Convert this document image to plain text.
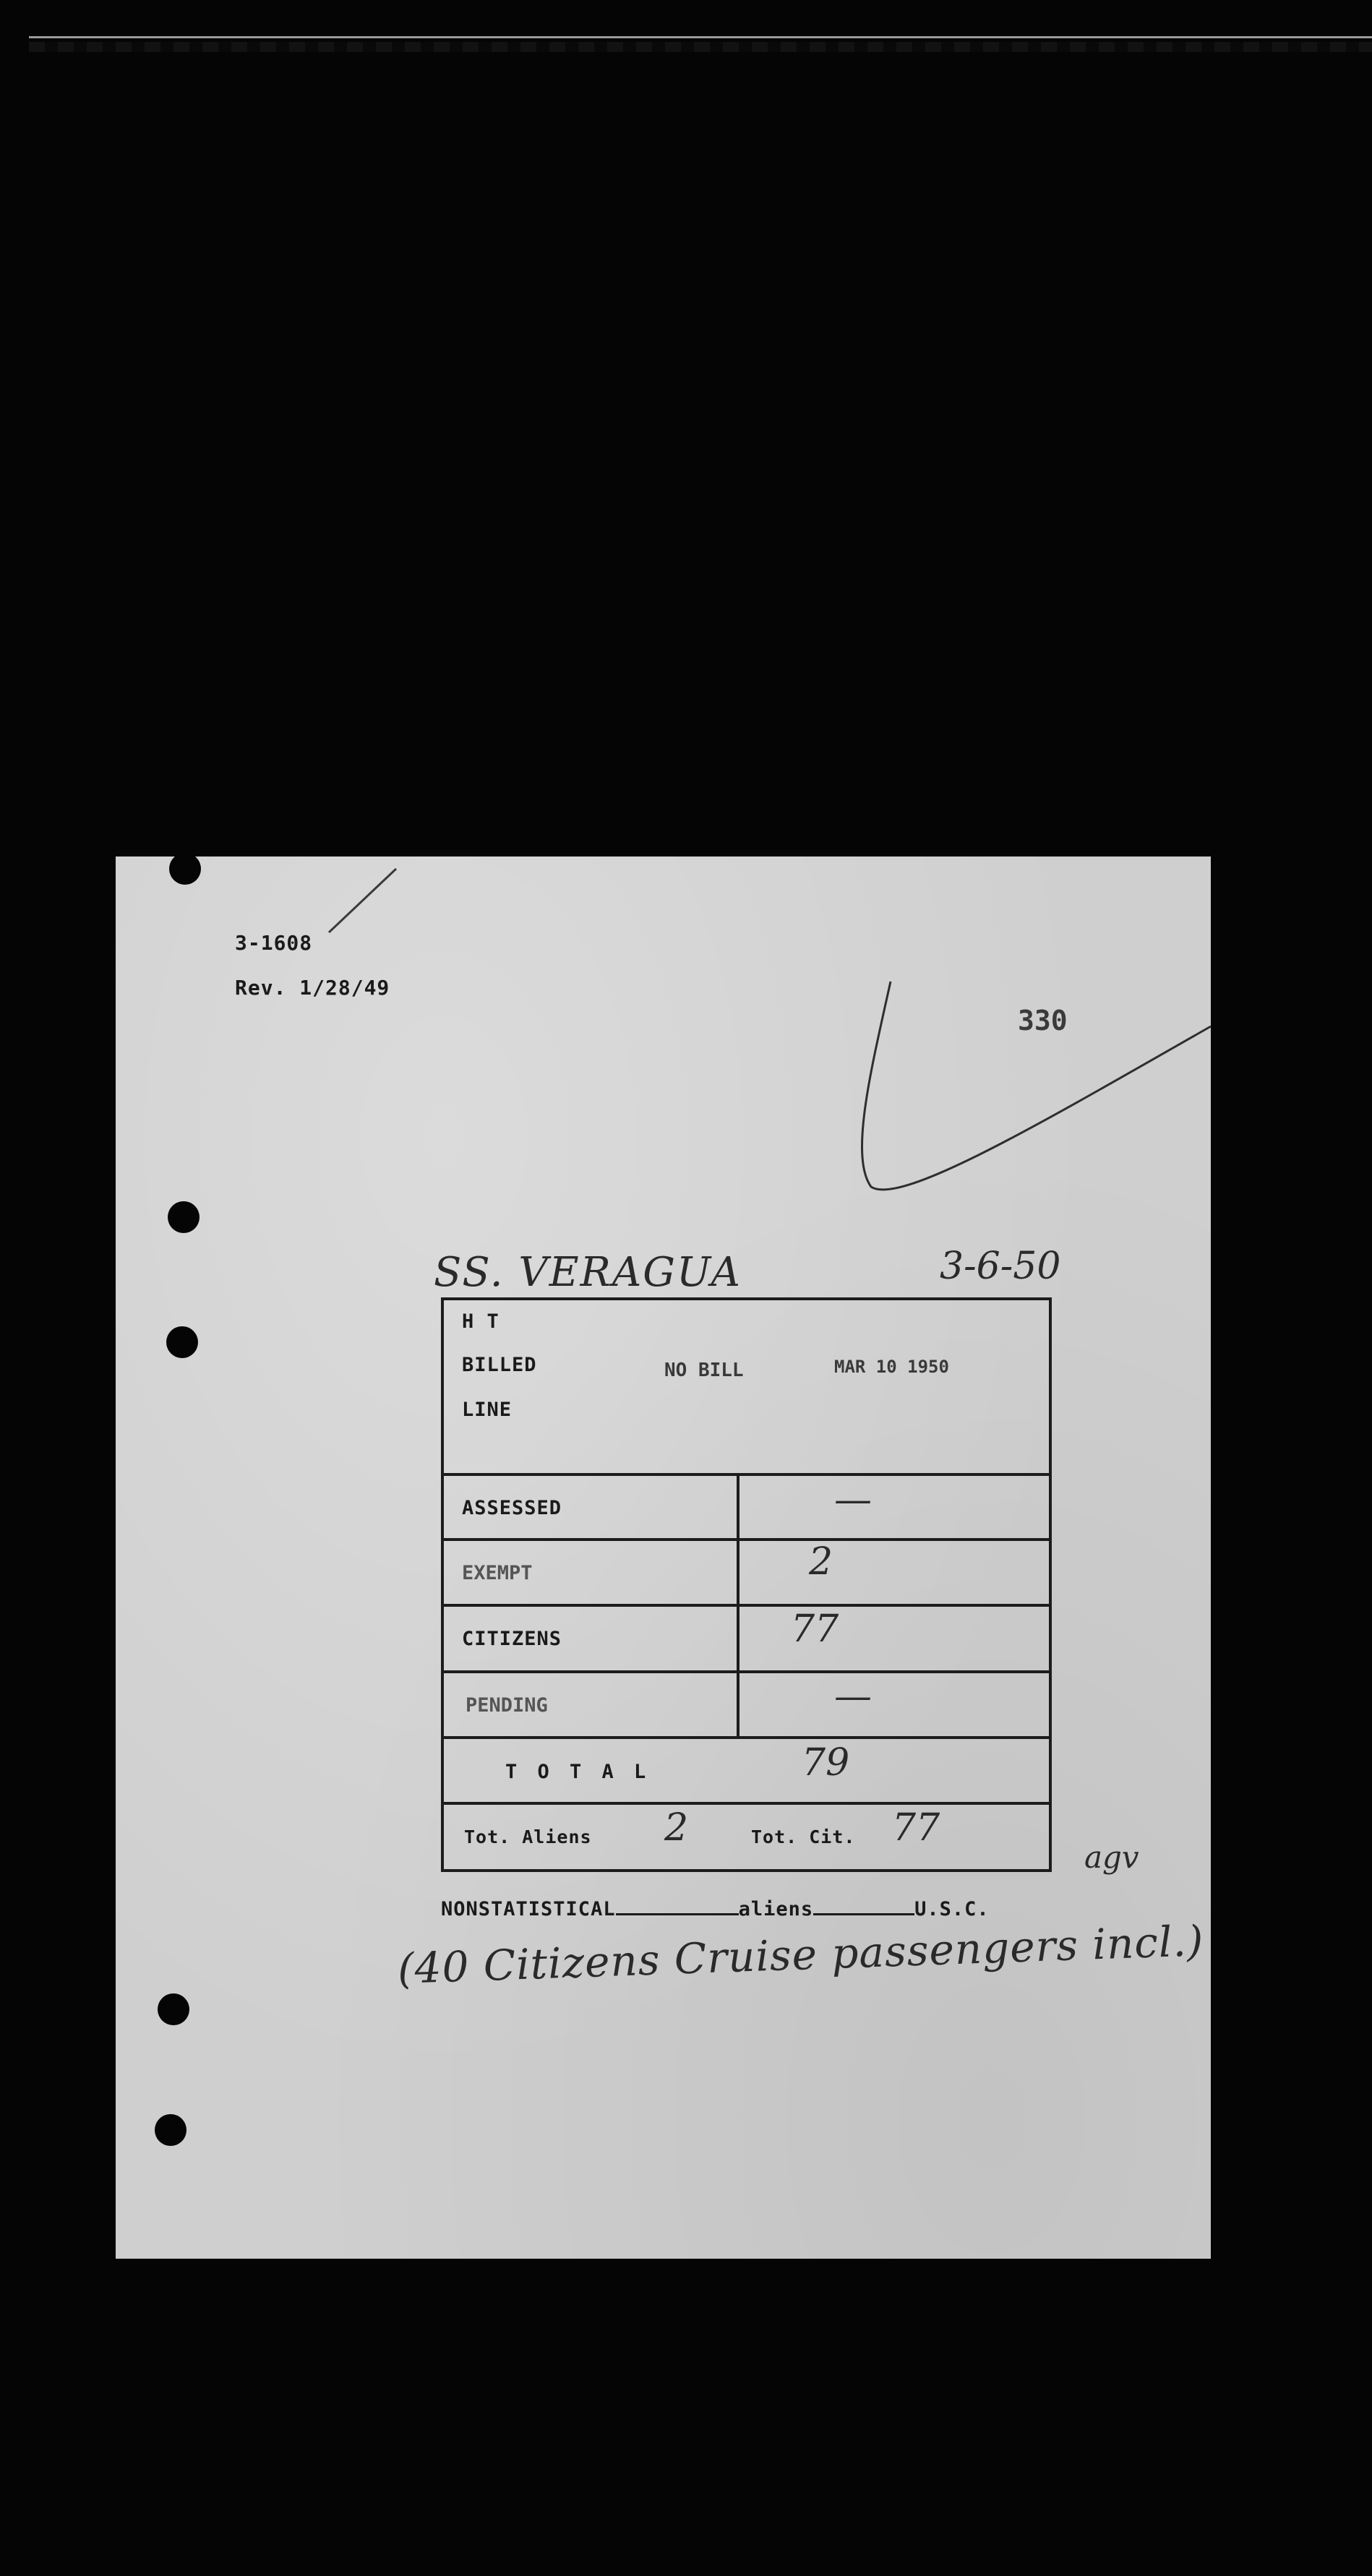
3-1608
Rev. 1/28/49
330
SS. VERAGUA	3-6-50
H T
BILLED
LINE
NO BILL	MAR 10 1950
ASSESSED	—
EXEMPT	2
CITIZENS	77
PENDING	—
T O T A L	79
Tot. Aliens 2	Tot. Cit. 77
agv
NONSTATISTICAL	aliens	U.S.C.
(40 Citizens Cruise passengers incl.)
